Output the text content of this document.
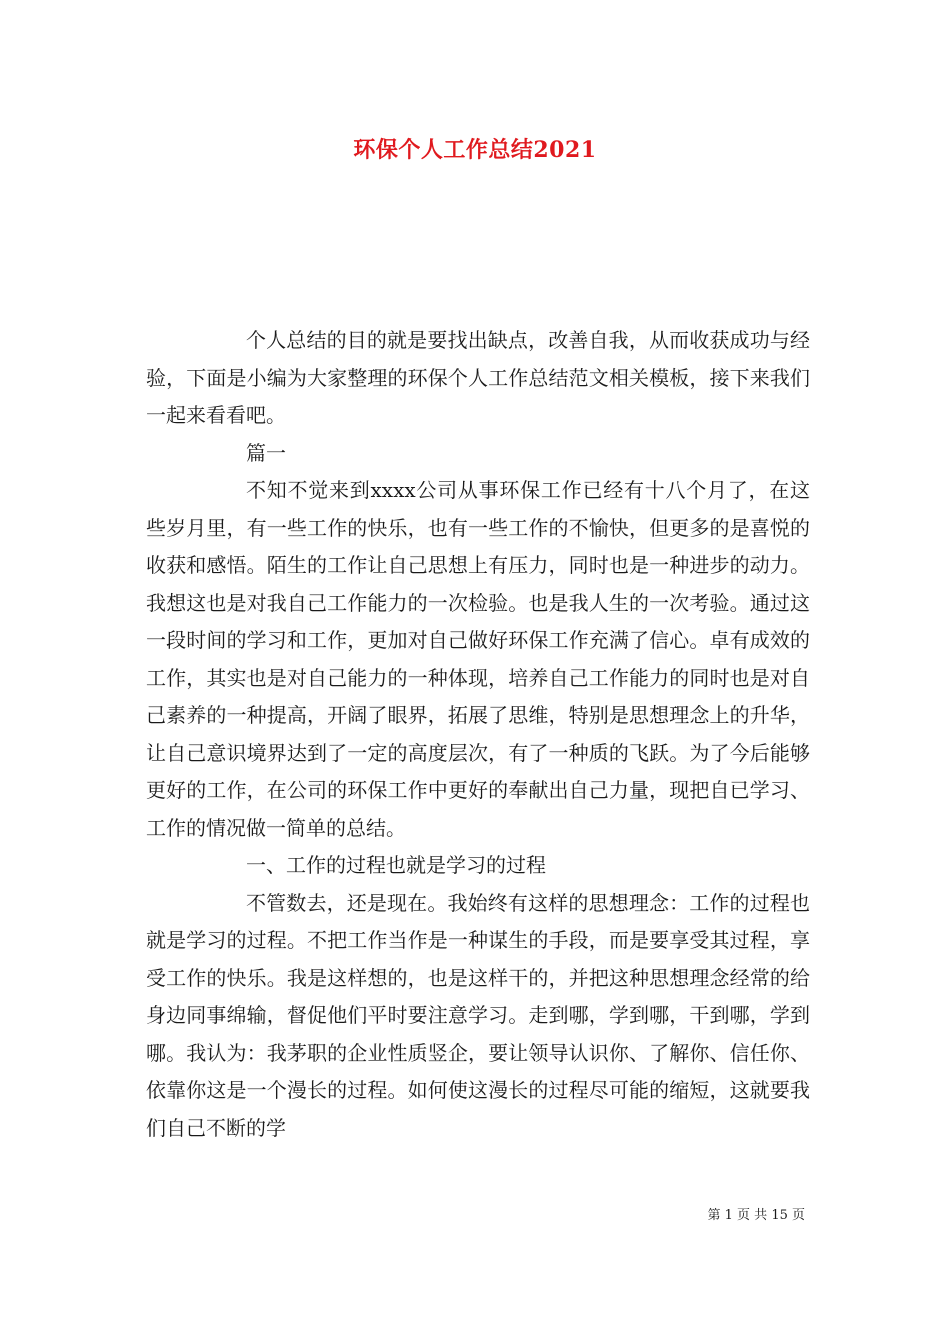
环保个人工作总结2021

个人总结的目的就是要找出缺点，改善自我，从而收获成功与经验，下面是小编为大家整理的环保个人工作总结范文相关模板，接下来我们一起来看看吧。

篇一

不知不觉来到xxxx公司从事环保工作已经有十八个月了，在这些岁月里，有一些工作的快乐，也有一些工作的不愉快，但更多的是喜悦的收获和感悟。陌生的工作让自己思想上有压力，同时也是一种进步的动力。我想这也是对我自己工作能力的一次检验。也是我人生的一次考验。通过这一段时间的学习和工作，更加对自己做好环保工作充满了信心。卓有成效的工作，其实也是对自己能力的一种体现，培养自己工作能力的同时也是对自己素养的一种提高，开阔了眼界，拓展了思维，特别是思想理念上的升华，让自己意识境界达到了一定的高度层次，有了一种质的飞跃。为了今后能够更好的工作，在公司的环保工作中更好的奉献出自己力量，现把自已学习、工作的情况做一简单的总结。

一、工作的过程也就是学习的过程

不管数去，还是现在。我始终有这样的思想理念：工作的过程也就是学习的过程。不把工作当作是一种谋生的手段，而是要享受其过程，享受工作的快乐。我是这样想的，也是这样干的，并把这种思想理念经常的给身边同事绵输，督促他们平时要注意学习。走到哪，学到哪，干到哪，学到哪。我认为：我茅职的企业性质竖企，要让领导认识你、了解你、信任你、依靠你这是一个漫长的过程。如何使这漫长的过程尽可能的缩短，这就要我们自己不断的学

第 1 页 共 15 页
